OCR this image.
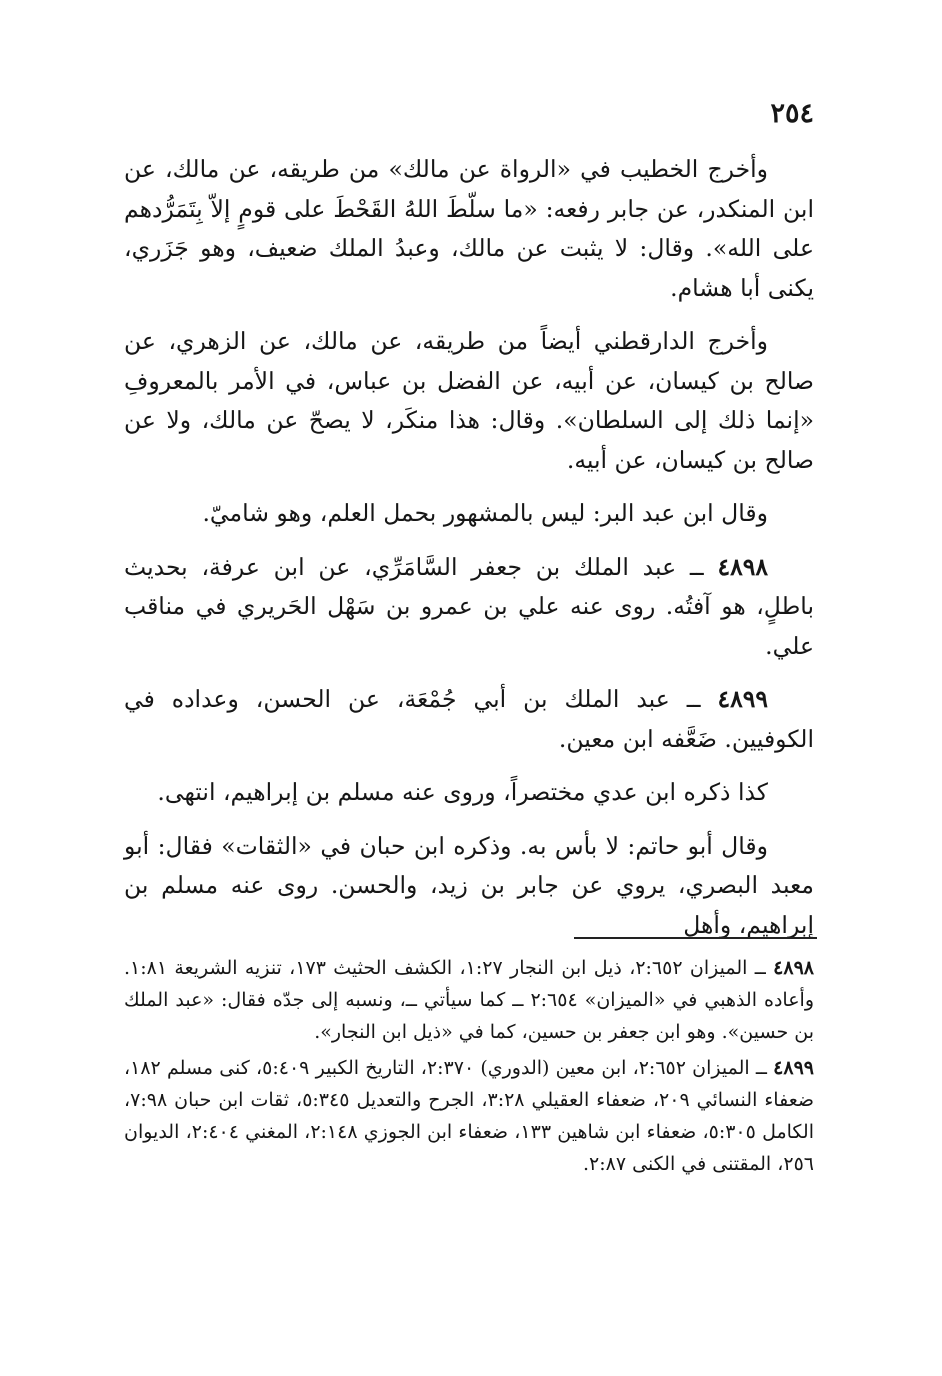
٢٥٤

وأخرج الخطيب في «الرواة عن مالك» من طريقه، عن مالك، عن ابن المنكدر، عن جابر رفعه: «ما سلّطَ اللهُ القَحْطَ على قومٍ إلاّ بِتَمَرُّدهم على الله». وقال: لا يثبت عن مالك، وعبدُ الملك ضعيف، وهو جَزَري، يكنى أبا هشام.

وأخرج الدارقطني أيضاً من طريقه، عن مالك، عن الزهري، عن صالح بن كيسان، عن أبيه، عن الفضل بن عباس، في الأمر بالمعروفِ «إنما ذلك إلى السلطان». وقال: هذا منكَر، لا يصحّ عن مالك، ولا عن صالح بن كيسان، عن أبيه.

وقال ابن عبد البر: ليس بالمشهور بحمل العلم، وهو شاميّ.

٤٨٩٨ ــ عبد الملك بن جعفر السَّامَرِّي، عن ابن عرفة، بحديث باطلٍ، هو آفتُه. روى عنه علي بن عمرو بن سَهْل الحَريري في مناقب علي.

٤٨٩٩ ــ عبد الملك بن أبي جُمْعَة، عن الحسن، وعداده في الكوفيين. ضَعَّفه ابن معين.

كذا ذكره ابن عدي مختصراً، وروى عنه مسلم بن إبراهيم، انتهى.

وقال أبو حاتم: لا بأس به. وذكره ابن حبان في «الثقات» فقال: أبو معبد البصري، يروي عن جابر بن زيد، والحسن. روى عنه مسلم بن إبراهيم، وأهل

٤٨٩٨ ــ الميزان ٢:٦٥٢، ذيل ابن النجار ١:٢٧، الكشف الحثيث ١٧٣، تنزيه الشريعة ١:٨١. وأعاده الذهبي في «الميزان» ٢:٦٥٤ ــ كما سيأتي ــ، ونسبه إلى جدّه فقال: «عبد الملك بن حسين». وهو ابن جعفر بن حسين، كما في «ذيل ابن النجار».

٤٨٩٩ ــ الميزان ٢:٦٥٢، ابن معين (الدوري) ٢:٣٧٠، التاريخ الكبير ٥:٤٠٩، كنى مسلم ١٨٢، ضعفاء النسائي ٢٠٩، ضعفاء العقيلي ٣:٢٨، الجرح والتعديل ٥:٣٤٥، ثقات ابن حبان ٧:٩٨، الكامل ٥:٣٠٥، ضعفاء ابن شاهين ١٣٣، ضعفاء ابن الجوزي ٢:١٤٨، المغني ٢:٤٠٤، الديوان ٢٥٦، المقتنى في الكنى ٢:٨٧.
